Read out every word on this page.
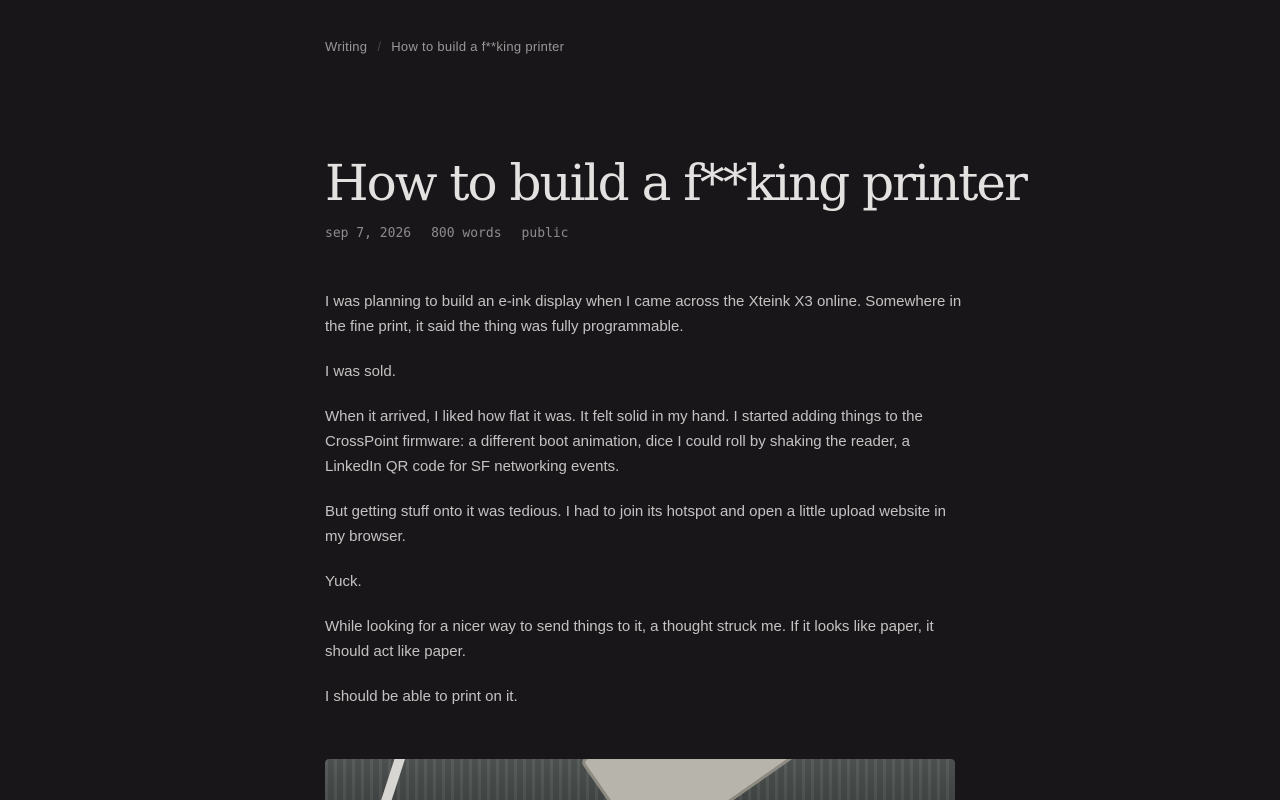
Writing / How to build a f**king printer
How to build a f**king printer
sep 7, 2026 800 words public

I was planning to build an e-ink display when I came across the Xteink X3 online. Somewhere in the fine print, it said the thing was fully programmable.

I was sold.

When it arrived, I liked how flat it was. It felt solid in my hand. I started adding things to the CrossPoint firmware: a different boot animation, dice I could roll by shaking the reader, a LinkedIn QR code for SF networking events.

But getting stuff onto it was tedious. I had to join its hotspot and open a little upload website in my browser.

Yuck.

While looking for a nicer way to send things to it, a thought struck me. If it looks like paper, it should act like paper.

I should be able to print on it.
